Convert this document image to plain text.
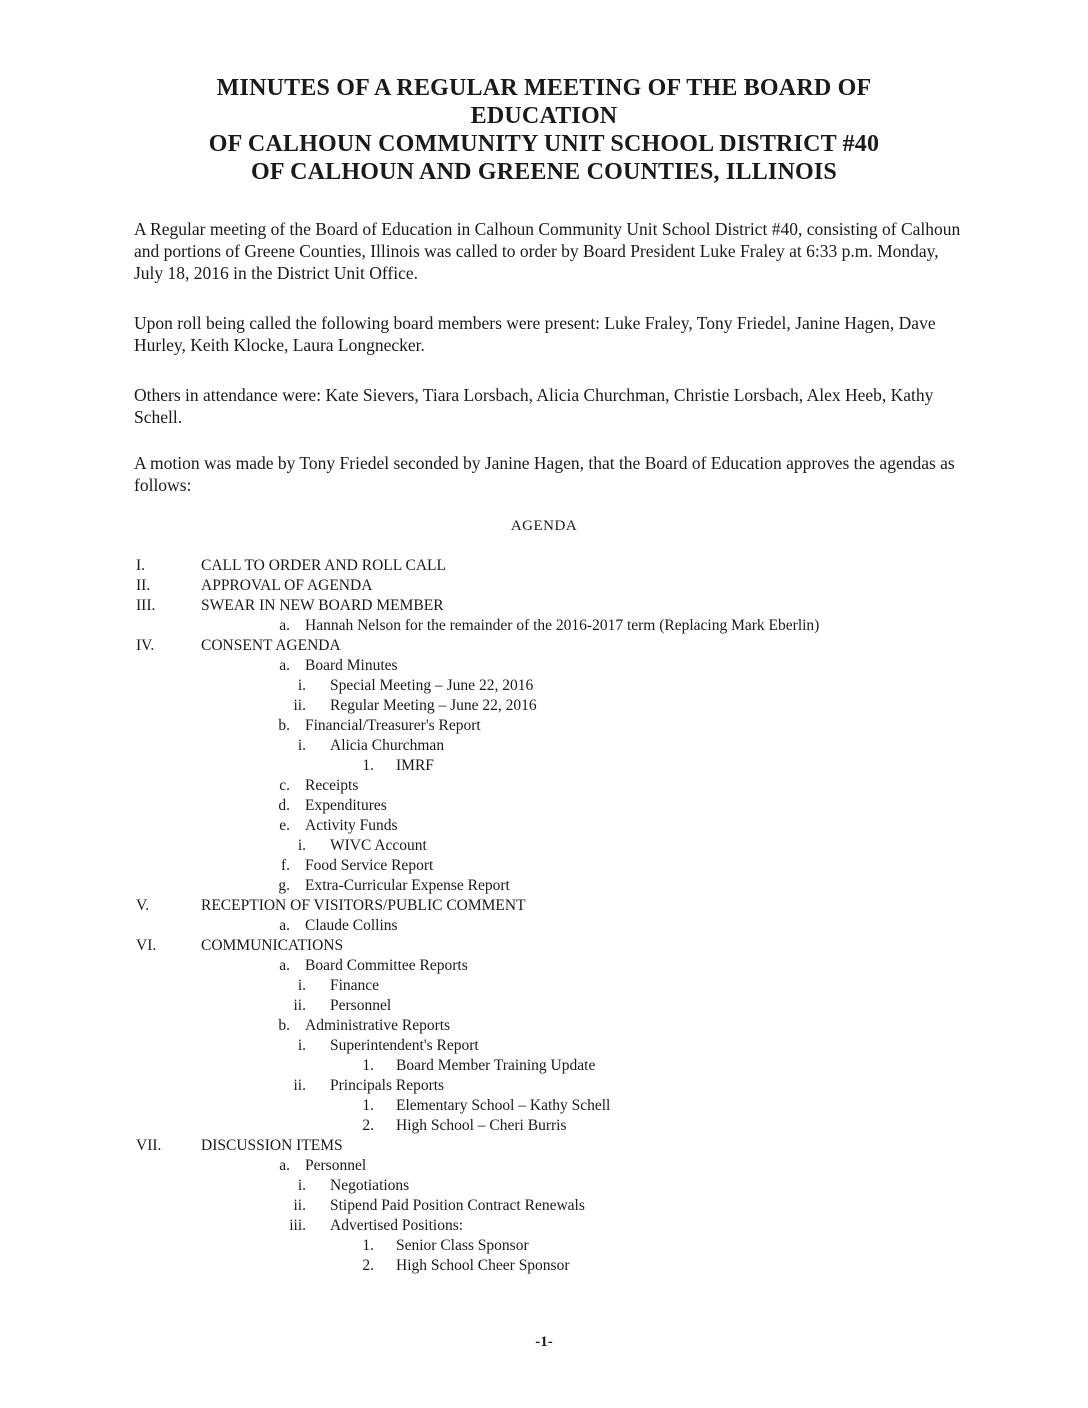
MINUTES OF A REGULAR MEETING OF THE BOARD OF
EDUCATION
OF CALHOUN COMMUNITY UNIT SCHOOL DISTRICT #40
OF CALHOUN AND GREENE COUNTIES, ILLINOIS

A Regular meeting of the Board of Education in Calhoun Community Unit School District #40, consisting of Calhoun and portions of Greene Counties, Illinois was called to order by Board President Luke Fraley at 6:33 p.m. Monday, July 18, 2016 in the District Unit Office.

Upon roll being called the following board members were present: Luke Fraley, Tony Friedel, Janine Hagen, Dave Hurley, Keith Klocke, Laura Longnecker.

Others in attendance were: Kate Sievers, Tiara Lorsbach, Alicia Churchman, Christie Lorsbach, Alex Heeb, Kathy Schell.

A motion was made by Tony Friedel seconded by Janine Hagen, that the Board of Education approves the agendas as follows:

AGENDA
I.	CALL TO ORDER AND ROLL CALL
II.	APPROVAL OF AGENDA
III.	SWEAR IN NEW BOARD MEMBER
a. Hannah Nelson for the remainder of the 2016-2017 term (Replacing Mark Eberlin)
IV.	CONSENT AGENDA
a. Board Minutes
i. Special Meeting – June 22, 2016
ii. Regular Meeting – June 22, 2016
b. Financial/Treasurer's Report
i. Alicia Churchman
1. IMRF
c. Receipts
d. Expenditures
e. Activity Funds
i. WIVC Account
f. Food Service Report
g. Extra-Curricular Expense Report
V.	RECEPTION OF VISITORS/PUBLIC COMMENT
a. Claude Collins
VI.	COMMUNICATIONS
a. Board Committee Reports
i. Finance
ii. Personnel
b. Administrative Reports
i. Superintendent's Report
1. Board Member Training Update
ii. Principals Reports
1. Elementary School – Kathy Schell
2. High School – Cheri Burris
VII.	DISCUSSION ITEMS
a. Personnel
i. Negotiations
ii. Stipend Paid Position Contract Renewals
iii. Advertised Positions:
1. Senior Class Sponsor
2. High School Cheer Sponsor
-1-
